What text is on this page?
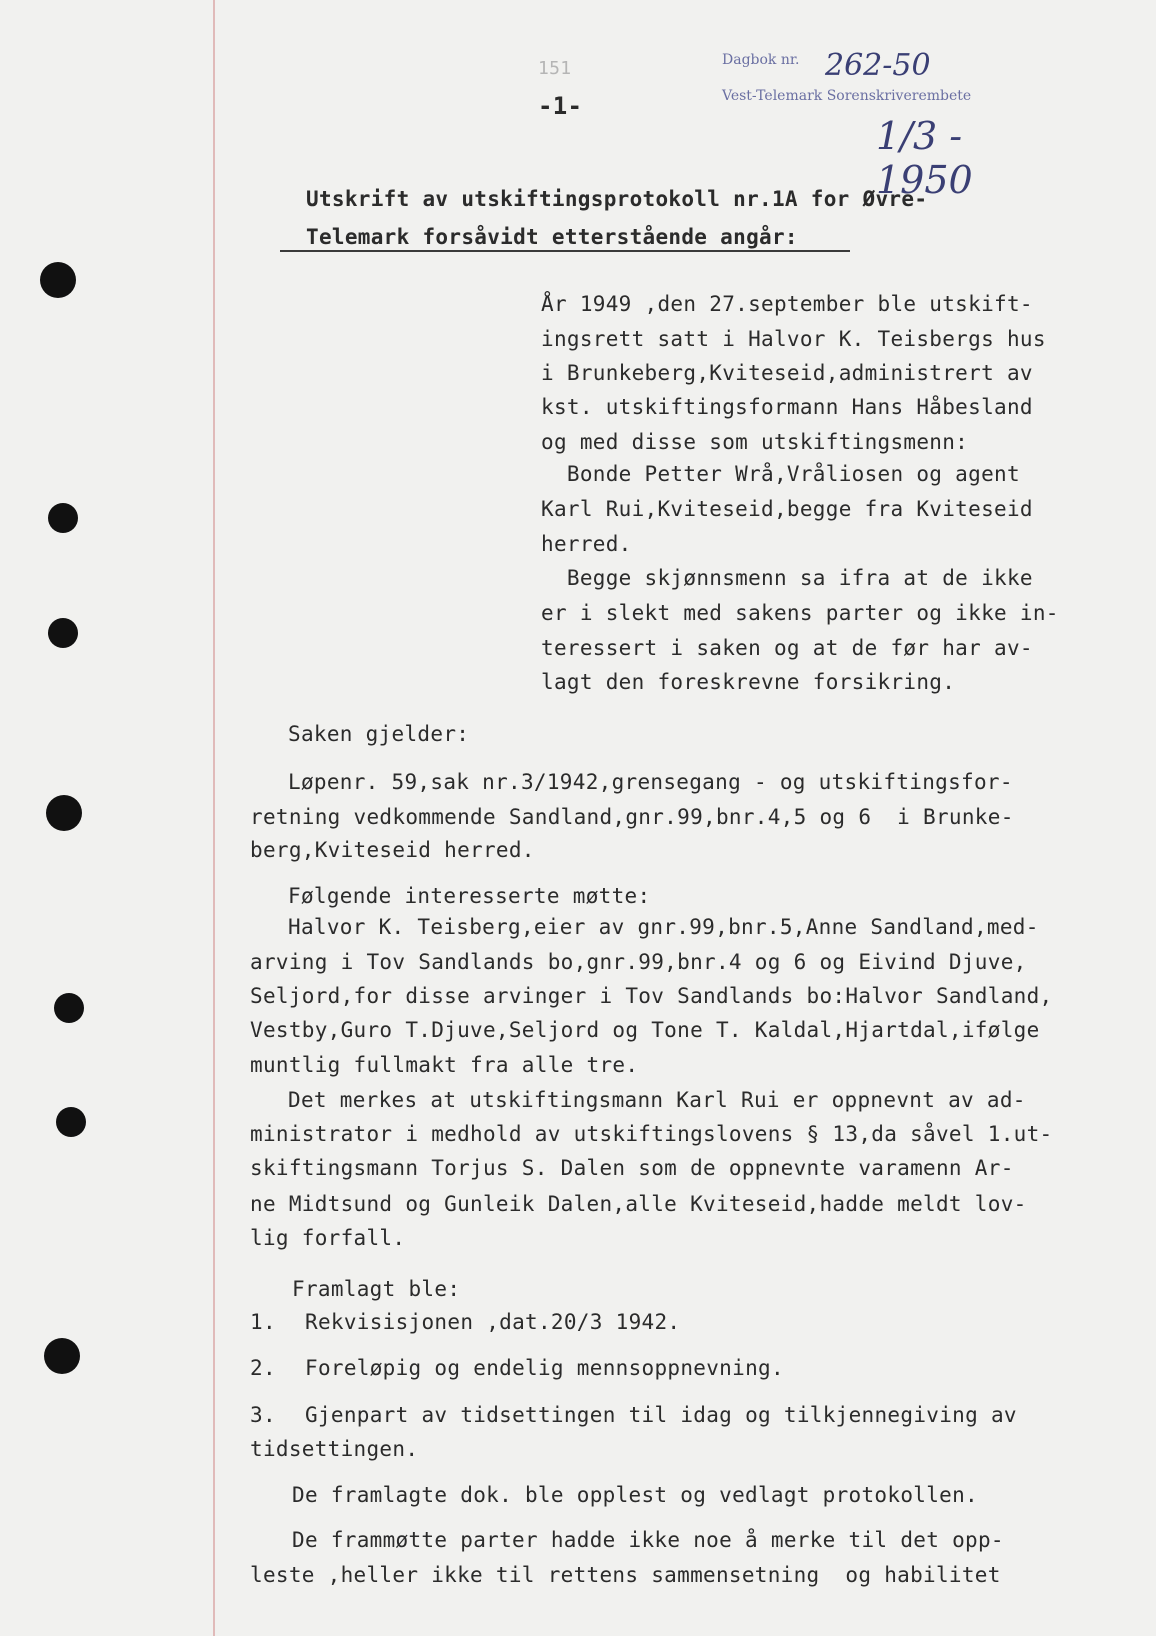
151
-1-
Dagbok nr.
Vest-Telemark Sorenskriverembete
262-50
1/3 - 1950
Utskrift av utskiftingsprotokoll nr.1A for Øvre-
Telemark forsåvidt etterstående angår:
År 1949 ,den 27.september ble utskift-
ingsrett satt i Halvor K. Teisbergs hus
i Brunkeberg,Kviteseid,administrert av
kst. utskiftingsformann Hans Håbesland
og med disse som utskiftingsmenn:
Bonde Petter Wrå,Vråliosen og agent
Karl Rui,Kviteseid,begge fra Kviteseid
herred.
Begge skjønnsmenn sa ifra at de ikke
er i slekt med sakens parter og ikke in-
teressert i saken og at de før har av-
lagt den foreskrevne forsikring.
Saken gjelder:
Løpenr. 59,sak nr.3/1942,grensegang - og utskiftingsfor-
retning vedkommende Sandland,gnr.99,bnr.4,5 og 6  i Brunke-
berg,Kviteseid herred.
Følgende interesserte møtte:
Halvor K. Teisberg,eier av gnr.99,bnr.5,Anne Sandland,med-
arving i Tov Sandlands bo,gnr.99,bnr.4 og 6 og Eivind Djuve,
Seljord,for disse arvinger i Tov Sandlands bo:Halvor Sandland,
Vestby,Guro T.Djuve,Seljord og Tone T. Kaldal,Hjartdal,ifølge
muntlig fullmakt fra alle tre.
Det merkes at utskiftingsmann Karl Rui er oppnevnt av ad-
ministrator i medhold av utskiftingslovens § 13,da såvel 1.ut-
skiftingsmann Torjus S. Dalen som de oppnevnte varamenn Ar-
ne Midtsund og Gunleik Dalen,alle Kviteseid,hadde meldt lov-
lig forfall.
Framlagt ble:
1. Rekvisisjonen ,dat.20/3 1942.
2. Foreløpig og endelig mennsoppnevning.
3. Gjenpart av tidsettingen til idag og tilkjennegiving av
tidsettingen.
De framlagte dok. ble opplest og vedlagt protokollen.
De frammøtte parter hadde ikke noe å merke til det opp-
leste ,heller ikke til rettens sammensetning  og habilitet
